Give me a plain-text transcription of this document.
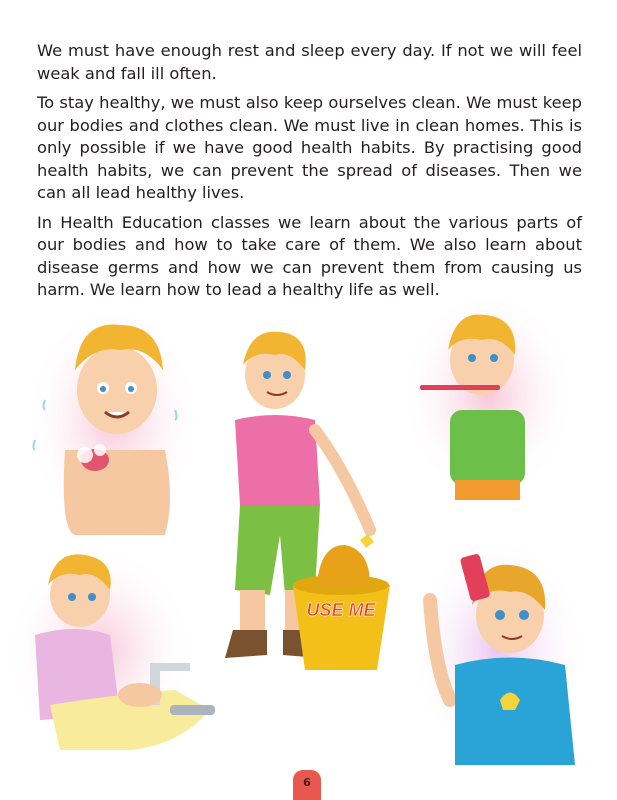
We must have enough rest and sleep every day. If not we will feel weak and fall ill often.

To stay healthy, we must also keep ourselves clean. We must keep our bodies and clothes clean. We must live in clean homes. This is only possible if we have good health habits. By practising good health habits, we can prevent the spread of diseases. Then we can all lead healthy lives.

In Health Education classes we learn about the various parts of our bodies and how to take care of them. We also learn about disease germs and how we can prevent them from causing us harm. We learn how to lead a healthy life as well.

USE ME
6
